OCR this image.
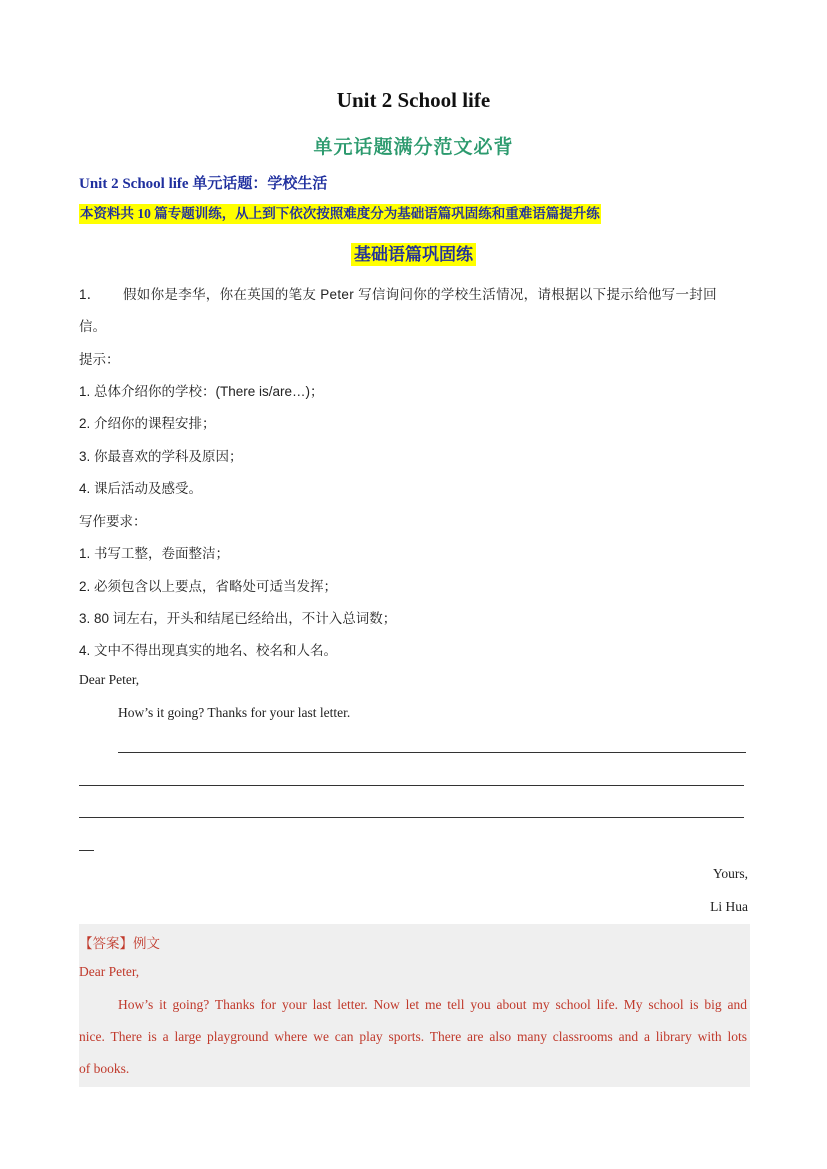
Unit 2 School life
单元话题满分范文必背
Unit 2 School life 单元话题：学校生活
本资料共 10 篇专题训练，从上到下依次按照难度分为基础语篇巩固练和重难语篇提升练
基础语篇巩固练
1． 假如你是李华，你在英国的笔友 Peter 写信询问你的学校生活情况，请根据以下提示给他写一封回
信。
提示：
1. 总体介绍你的学校：(There is/are…)；
2. 介绍你的课程安排；
3. 你最喜欢的学科及原因；
4. 课后活动及感受。
写作要求：
1. 书写工整，卷面整洁；
2. 必须包含以上要点，省略处可适当发挥；
3. 80 词左右，开头和结尾已经给出，不计入总词数；
4. 文中不得出现真实的地名、校名和人名。
Dear Peter,
How’s it going? Thanks for your last letter.
Yours,
Li Hua
【答案】例文
Dear Peter,
How’s it going? Thanks for your last letter. Now let me tell you about my school life. My school is big and
nice. There is a large playground where we can play sports. There are also many classrooms and a library with lots
of books.
